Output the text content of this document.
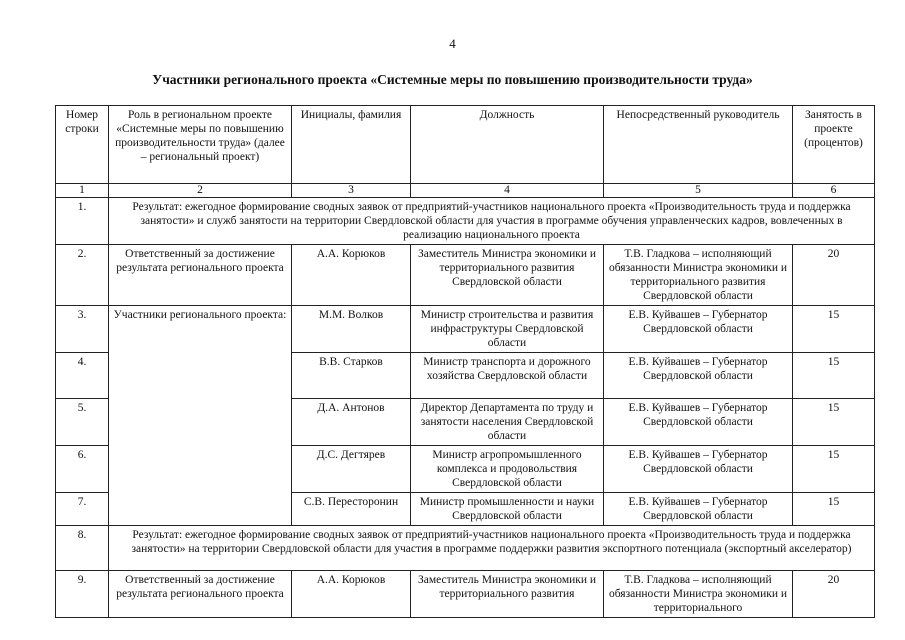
4
Участники регионального проекта «Системные меры по повышению производительности труда»
Номер строки	Роль в региональном проекте «Системные меры по повышению производительности труда» (далее – региональный проект)	Инициалы, фамилия	Должность	Непосредственный руководитель	Занятость в проекте (процентов)
1	2	3	4	5	6
1.	Результат: ежегодное формирование сводных заявок от предприятий-участников национального проекта «Производительность труда и поддержка занятости» и служб занятости на территории Свердловской области для участия в программе обучения управленческих кадров, вовлеченных в реализацию национального проекта				
2.	Ответственный за достижение результата регионального проекта	А.А. Корюков	Заместитель Министра экономики и территориального развития Свердловской области	Т.В. Гладкова – исполняющий обязанности Министра экономики и территориального развития Свердловской области	20
3.	Участники регионального проекта:	М.М. Волков	Министр строительства и развития инфраструктуры Свердловской области	Е.В. Куйвашев – Губернатор Свердловской области	15
4.		В.В. Старков	Министр транспорта и дорожного хозяйства Свердловской области	Е.В. Куйвашев – Губернатор Свердловской области	15
5.		Д.А. Антонов	Директор Департамента по труду и занятости населения Свердловской области	Е.В. Куйвашев – Губернатор Свердловской области	15
6.		Д.С. Дегтярев	Министр агропромышленного комплекса и продовольствия Свердловской области	Е.В. Куйвашев – Губернатор Свердловской области	15
7.		С.В. Пересторонин	Министр промышленности и науки Свердловской области	Е.В. Куйвашев – Губернатор Свердловской области	15
8.	Результат: ежегодное формирование сводных заявок от предприятий-участников национального проекта «Производительность труда и поддержка занятости» на территории Свердловской области для участия в программе поддержки развития экспортного потенциала (экспортный акселератор)				
9.	Ответственный за достижение результата регионального проекта	А.А. Корюков	Заместитель Министра экономики и территориального развития	Т.В. Гладкова – исполняющий обязанности Министра экономики и территориального	20
